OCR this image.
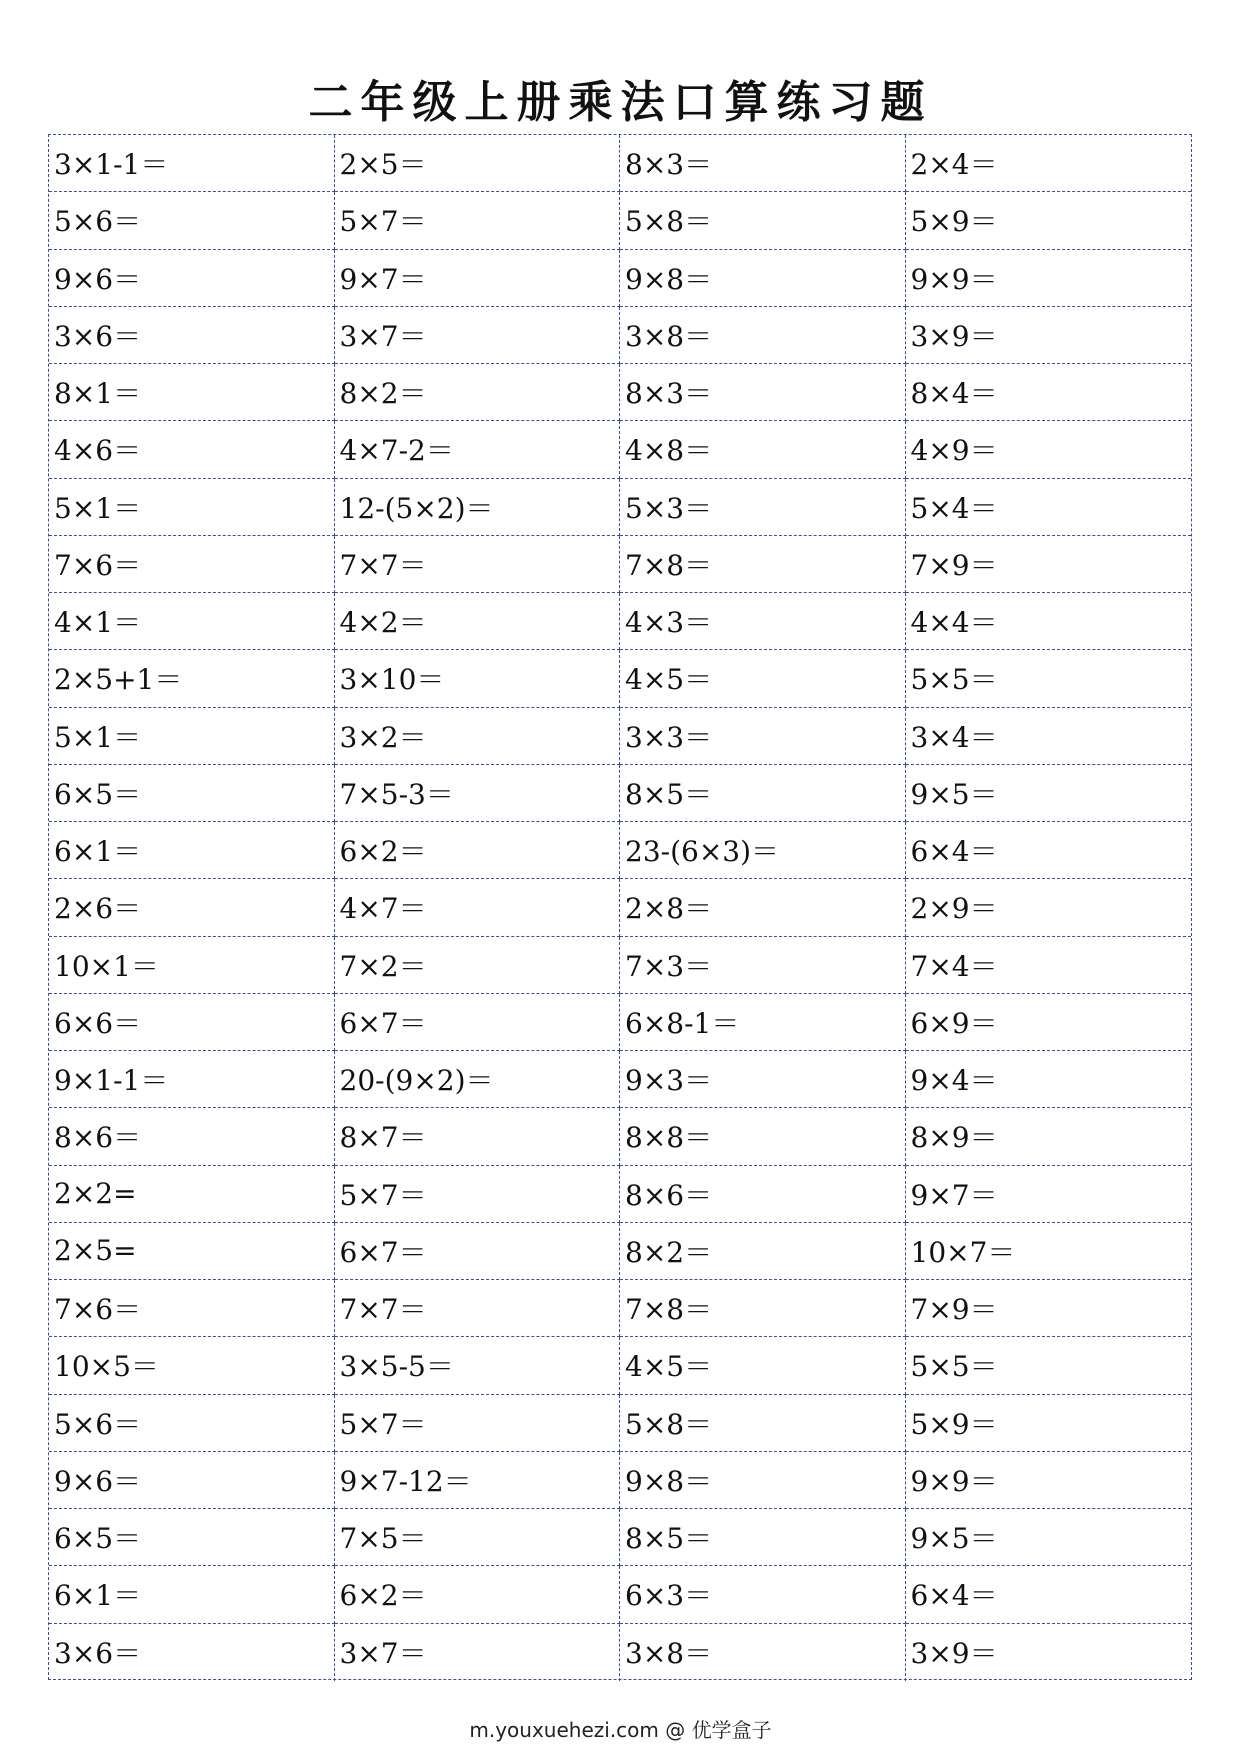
二年级上册乘法口算练习题
3×1-1＝	2×5＝	8×3＝	2×4＝
5×6＝	5×7＝	5×8＝	5×9＝
9×6＝	9×7＝	9×8＝	9×9＝
3×6＝	3×7＝	3×8＝	3×9＝
8×1＝	8×2＝	8×3＝	8×4＝
4×6＝	4×7-2＝	4×8＝	4×9＝
5×1＝	12-(5×2)＝	5×3＝	5×4＝
7×6＝	7×7＝	7×8＝	7×9＝
4×1＝	4×2＝	4×3＝	4×4＝
2×5+1＝	3×10＝	4×5＝	5×5＝
5×1＝	3×2＝	3×3＝	3×4＝
6×5＝	7×5-3＝	8×5＝	9×5＝
6×1＝	6×2＝	23-(6×3)＝	6×4＝
2×6＝	4×7＝	2×8＝	2×9＝
10×1＝	7×2＝	7×3＝	7×4＝
6×6＝	6×7＝	6×8-1＝	6×9＝
9×1-1＝	20-(9×2)＝	9×3＝	9×4＝
8×6＝	8×7＝	8×8＝	8×9＝
2×2=	5×7＝	8×6＝	9×7＝
2×5=	6×7＝	8×2＝	10×7＝
7×6＝	7×7＝	7×8＝	7×9＝
10×5＝	3×5-5＝	4×5＝	5×5＝
5×6＝	5×7＝	5×8＝	5×9＝
9×6＝	9×7-12＝	9×8＝	9×9＝
6×5＝	7×5＝	8×5＝	9×5＝
6×1＝	6×2＝	6×3＝	6×4＝
3×6＝	3×7＝	3×8＝	3×9＝
m.youxuehezi.com @ 优学盒子
